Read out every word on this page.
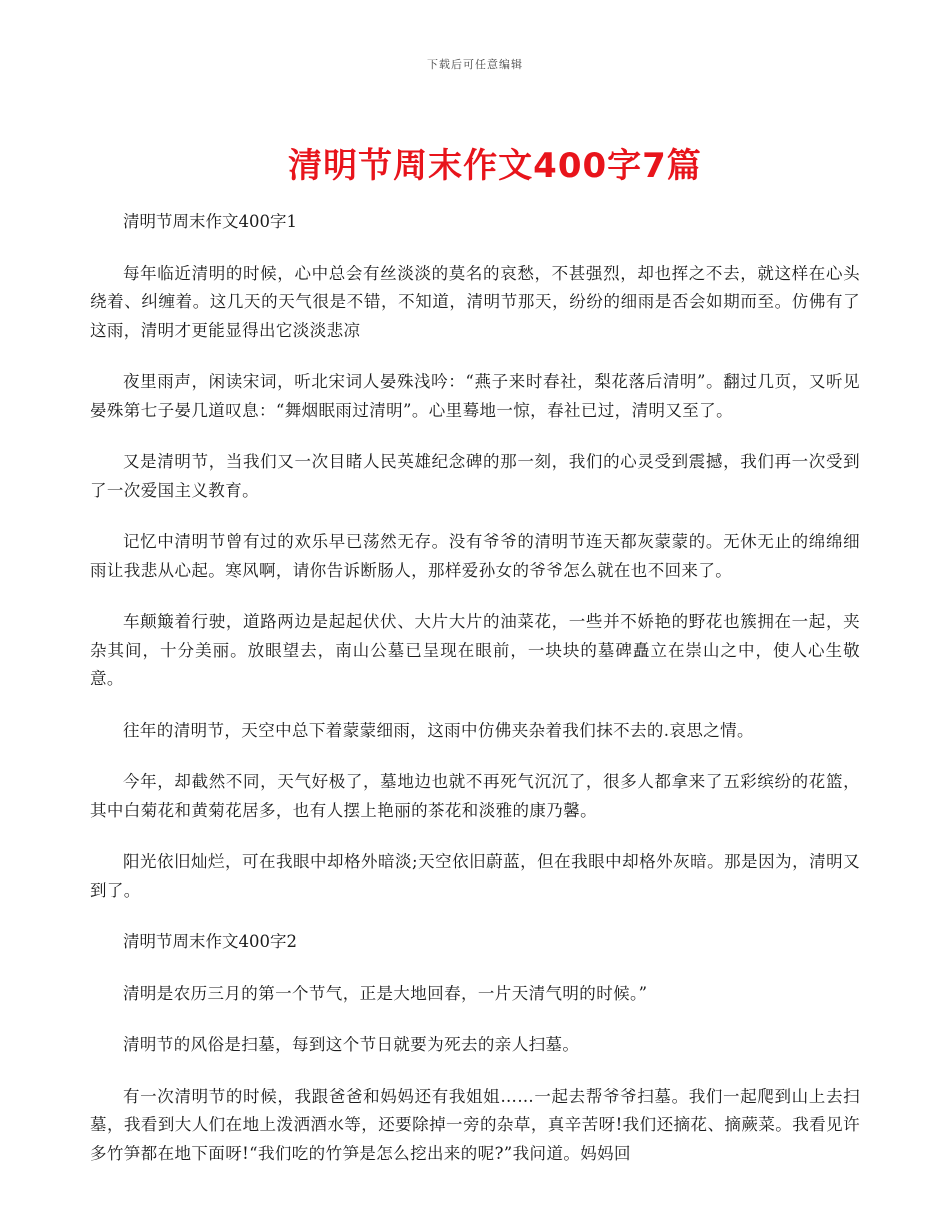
下载后可任意编辑
清明节周末作文400字7篇

清明节周末作文400字1

每年临近清明的时候，心中总会有丝淡淡的莫名的哀愁，不甚强烈，却也挥之不去，就这样在心头绕着、纠缠着。这几天的天气很是不错，不知道，清明节那天，纷纷的细雨是否会如期而至。仿佛有了这雨，清明才更能显得出它淡淡悲凉

夜里雨声，闲读宋词，听北宋词人晏殊浅吟：“燕子来时春社，梨花落后清明”。翻过几页，又听见晏殊第七子晏几道叹息：“舞烟眠雨过清明”。心里蓦地一惊，春社已过，清明又至了。

又是清明节，当我们又一次目睹人民英雄纪念碑的那一刻，我们的心灵受到震撼，我们再一次受到了一次爱国主义教育。

记忆中清明节曾有过的欢乐早已荡然无存。没有爷爷的清明节连天都灰蒙蒙的。无休无止的绵绵细雨让我悲从心起。寒风啊，请你告诉断肠人，那样爱孙女的爷爷怎么就在也不回来了。

车颠簸着行驶，道路两边是起起伏伏、大片大片的油菜花，一些并不娇艳的野花也簇拥在一起，夹杂其间，十分美丽。放眼望去，南山公墓已呈现在眼前，一块块的墓碑矗立在崇山之中，使人心生敬意。

往年的清明节，天空中总下着蒙蒙细雨，这雨中仿佛夹杂着我们抹不去的.哀思之情。

今年，却截然不同，天气好极了，墓地边也就不再死气沉沉了，很多人都拿来了五彩缤纷的花篮，其中白菊花和黄菊花居多，也有人摆上艳丽的茶花和淡雅的康乃馨。

阳光依旧灿烂，可在我眼中却格外暗淡;天空依旧蔚蓝，但在我眼中却格外灰暗。那是因为，清明又到了。

清明节周末作文400字2

清明是农历三月的第一个节气，正是大地回春，一片天清气明的时候。”

清明节的风俗是扫墓，每到这个节日就要为死去的亲人扫墓。

有一次清明节的时候，我跟爸爸和妈妈还有我姐姐……一起去帮爷爷扫墓。我们一起爬到山上去扫墓，我看到大人们在地上泼洒酒水等，还要除掉一旁的杂草，真辛苦呀!我们还摘花、摘蕨菜。我看见许多竹笋都在地下面呀!“我们吃的竹笋是怎么挖出来的呢?”我问道。妈妈回
